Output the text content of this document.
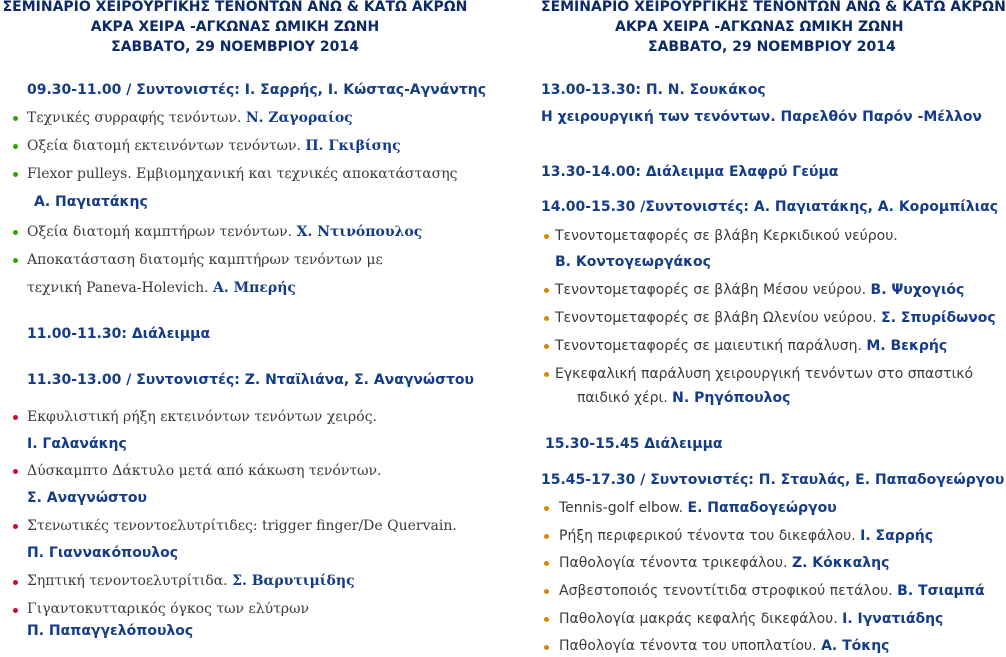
ΣΕΜΙΝΑΡΙΟ ΧΕΙΡΟΥΡΓΙΚΗΣ ΤΕΝΟΝΤΩΝ ΑΝΩ & ΚΑΤΩ ΑΚΡΩΝ
ΑΚΡΑ ΧΕΙΡΑ -ΑΓΚΩΝΑΣ ΩΜΙΚΗ ΖΩΝΗ
ΣΑΒΒΑΤΟ, 29 ΝΟΕΜΒΡΙΟΥ 2014
09.30-11.00 / Συντονιστές: Ι. Σαρρής, Ι. Κώστας-Αγνάντης
Τεχνικές συρραφής τενόντων. Ν. Ζαγοραίος
Οξεία διατομή εκτεινόντων τενόντων. Π. Γκιβίσης
Flexor pulleys. Εμβιομηχανική και τεχνικές αποκατάστασης
Α. Παγιατάκης
Οξεία διατομή καμπτήρων τενόντων. Χ. Ντινόπουλος
Αποκατάσταση διατομής καμπτήρων τενόντων με
τεχνική Paneva-Holevich. Α. Μπερής
11.00-11.30: Διάλειμμα
11.30-13.00 / Συντονιστές: Ζ. Νταϊλιάνα, Σ. Αναγνώστου
Εκφυλιστική ρήξη εκτεινόντων τενόντων χειρός.
Ι. Γαλανάκης
Δύσκαμπτο Δάκτυλο μετά από κάκωση τενόντων.
Σ. Αναγνώστου
Στενωτικές τενοντοελυτρίτιδες: trigger finger/De Quervain.
Π. Γιαννακόπουλος
Σηπτική τενοντοελυτρίτιδα. Σ. Βαρυτιμίδης
Γιγαντοκυτταρικός όγκος των ελύτρων
Π. Παπαγγελόπουλος
ΣΕΜΙΝΑΡΙΟ ΧΕΙΡΟΥΡΓΙΚΗΣ ΤΕΝΟΝΤΩΝ ΑΝΩ & ΚΑΤΩ ΑΚΡΩΝ
ΑΚΡΑ ΧΕΙΡΑ -ΑΓΚΩΝΑΣ ΩΜΙΚΗ ΖΩΝΗ
ΣΑΒΒΑΤΟ, 29 ΝΟΕΜΒΡΙΟΥ 2014
13.00-13.30: Π. Ν. Σουκάκος
Η χειρουργική των τενόντων. Παρελθόν Παρόν -Μέλλον
13.30-14.00: Διάλειμμα Ελαφρύ Γεύμα
14.00-15.30 /Συντονιστές: Α. Παγιατάκης, Α. Κορομπίλιας
Τενοντομεταφορές σε βλάβη Κερκιδικού νεύρου.
Β. Κοντογεωργάκος
Τενοντομεταφορές σε βλάβη Μέσου νεύρου. Β. Ψυχογιός
Τενοντομεταφορές σε βλάβη Ωλενίου νεύρου. Σ. Σπυρίδωνος
Τενοντομεταφορές σε μαιευτική παράλυση. Μ. Βεκρής
Εγκεφαλική παράλυση χειρουργική τενόντων στο σπαστικό
παιδικό χέρι. Ν. Ρηγόπουλος
15.30-15.45 Διάλειμμα
15.45-17.30 / Συντονιστές: Π. Σταυλάς, Ε. Παπαδογεώργου
Tennis-golf elbow. Ε. Παπαδογεώργου
Ρήξη περιφερικού τένοντα του δικεφάλου. Ι. Σαρρής
Παθολογία τένοντα τρικεφάλου. Ζ. Κόκκαλης
Ασβεστοποιός τενοντίτιδα στροφικού πετάλου. Β. Τσιαμπά
Παθολογία μακράς κεφαλής δικεφάλου. Ι. Ιγνατιάδης
Παθολογία τένοντα του υποπλατίου. Α. Τόκης
